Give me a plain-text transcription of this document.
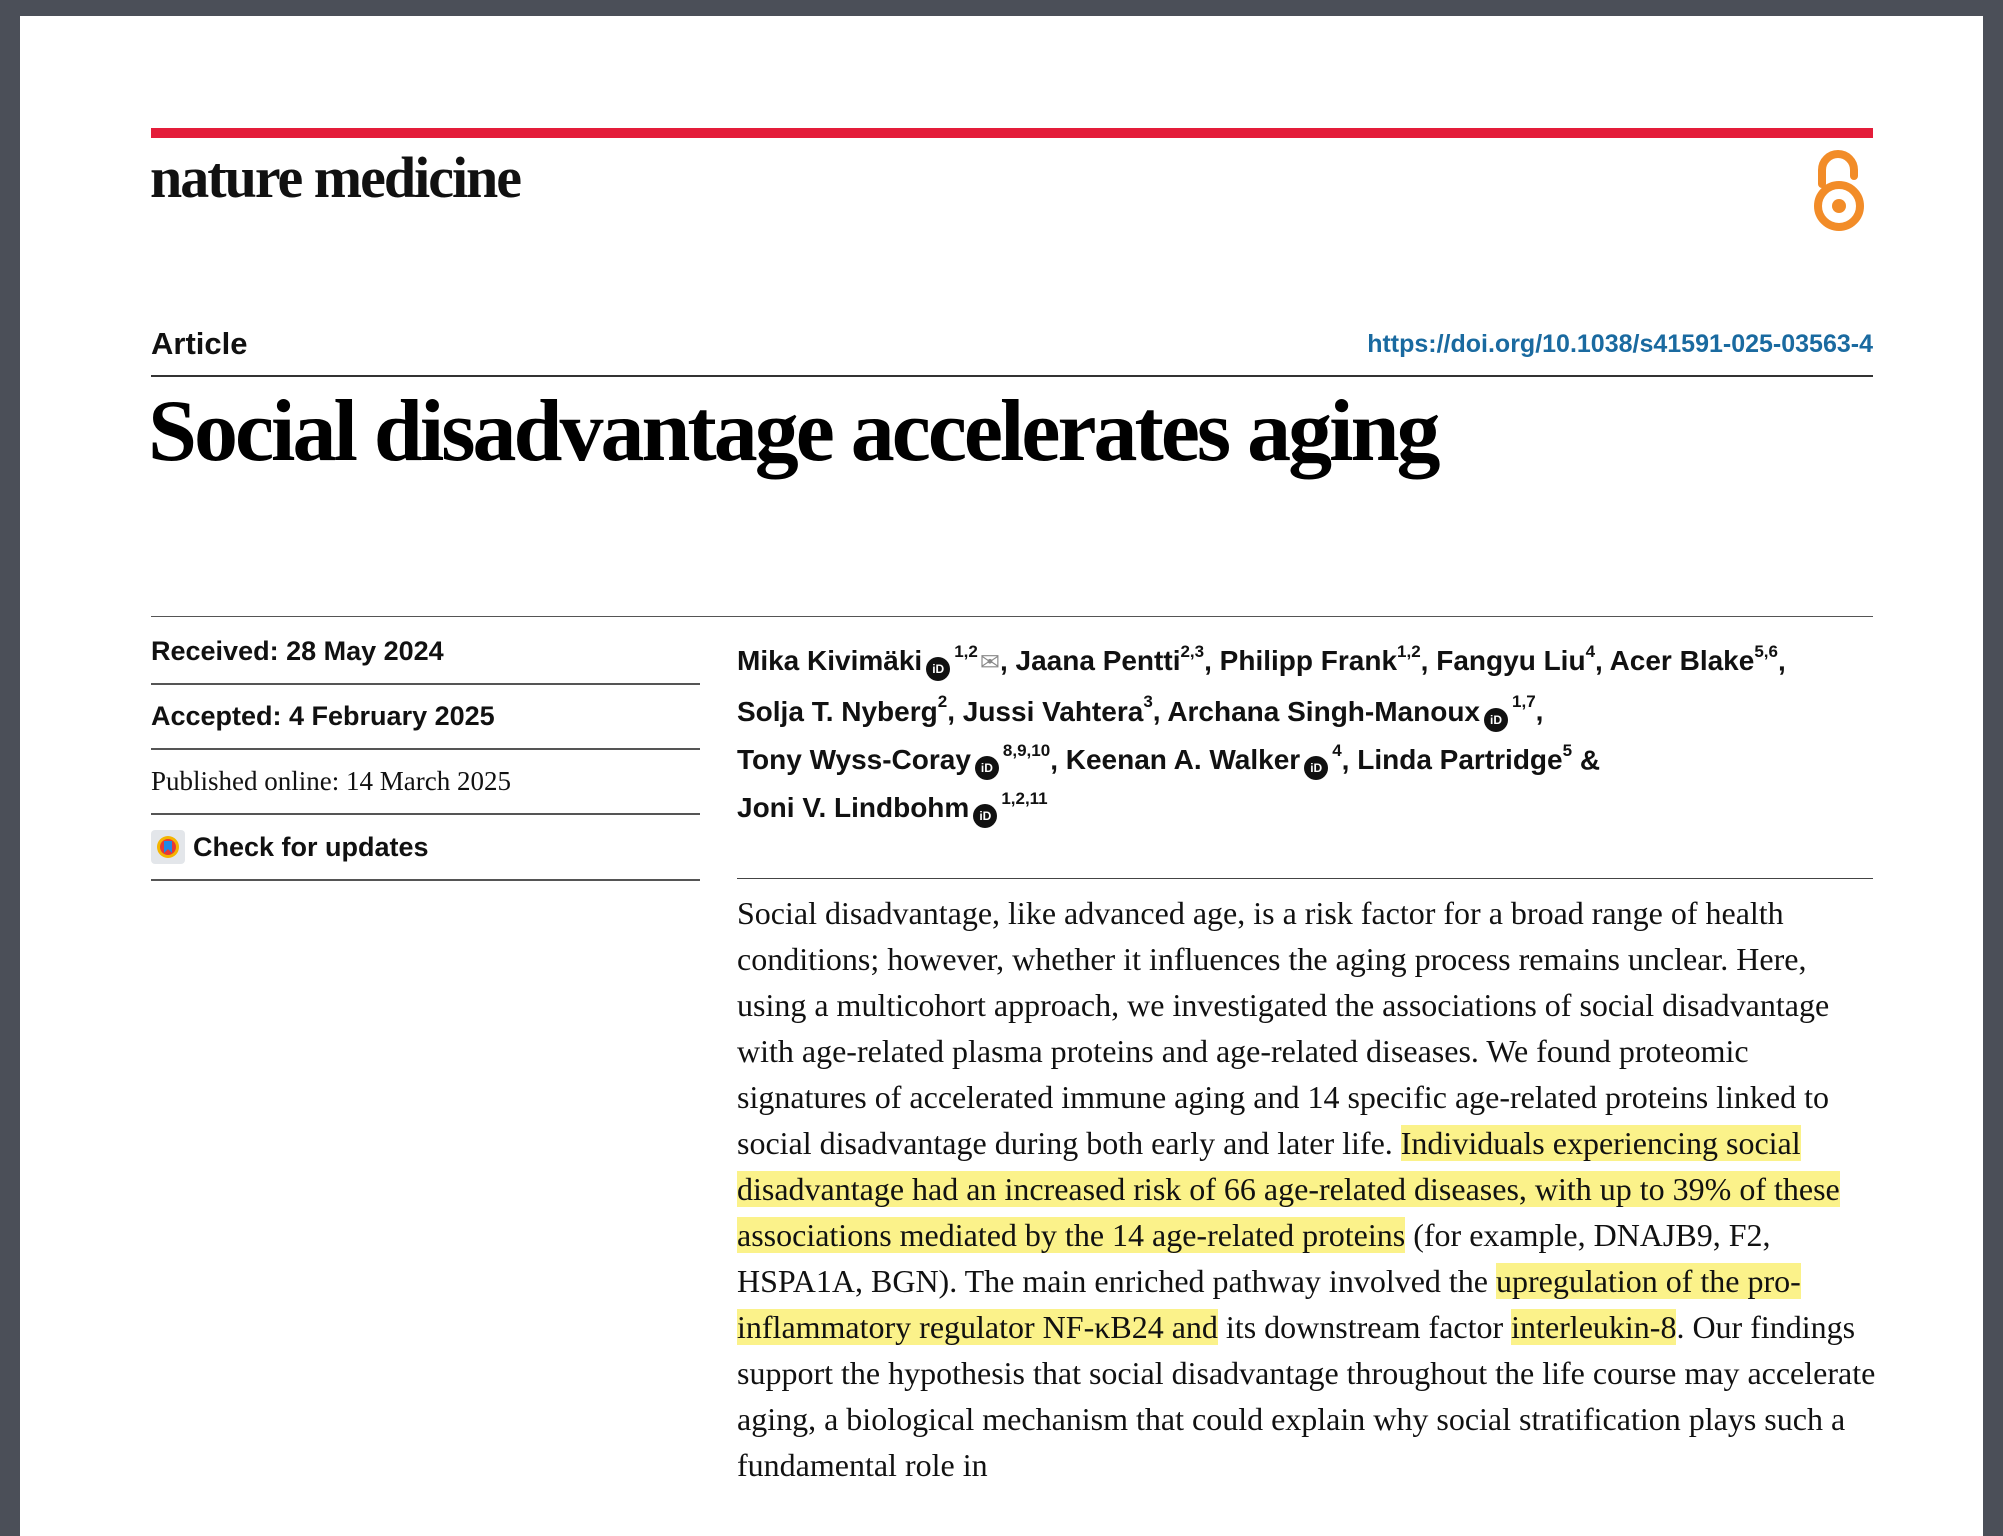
nature medicine
Article	https://doi.org/10.1038/s41591-025-03563-4
Social disadvantage accelerates aging
Received: 28 May 2024
Accepted: 4 February 2025
Published online: 14 March 2025
Check for updates
Mika Kivimäki iD$^{1,2}$✉, Jaana Pentti$^{2,3}$, Philipp Frank$^{1,2}$, Fangyu Liu$^4$, Acer Blake$^{5,6}$,
Solja T. Nyberg$^2$, Jussi Vahtera$^3$, Archana Singh-Manoux iD$^{1,7}$,
Tony Wyss-Coray iD$^{8,9,10}$, Keenan A. Walker $iD^4$, Linda Partridge$^5$ &
Joni V. Lindbohm iD$^{1,2,11}$

Social disadvantage, like advanced age, is a risk factor for a broad range of health conditions; however, whether it influences the aging process remains unclear. Here, using a multicohort approach, we investigated the associations of social disadvantage with age-related plasma proteins and age-related diseases. We found proteomic signatures of accelerated immune aging and 14 specific age-related proteins linked to social disadvantage during both early and later life. Individuals experiencing social disadvantage had an increased risk of 66 age-related diseases, with up to 39% of these associations mediated by the 14 age-related proteins (for example, DNAJB9, F2, HSPA1A, BGN). The main enriched pathway involved the upregulation of the pro-inflammatory regulator NF-κB24 and its downstream factor interleukin-8. Our findings support the hypothesis that social disadvantage throughout the life course may accelerate aging, a biological mechanism that could explain why social stratification plays such a fundamental role in
